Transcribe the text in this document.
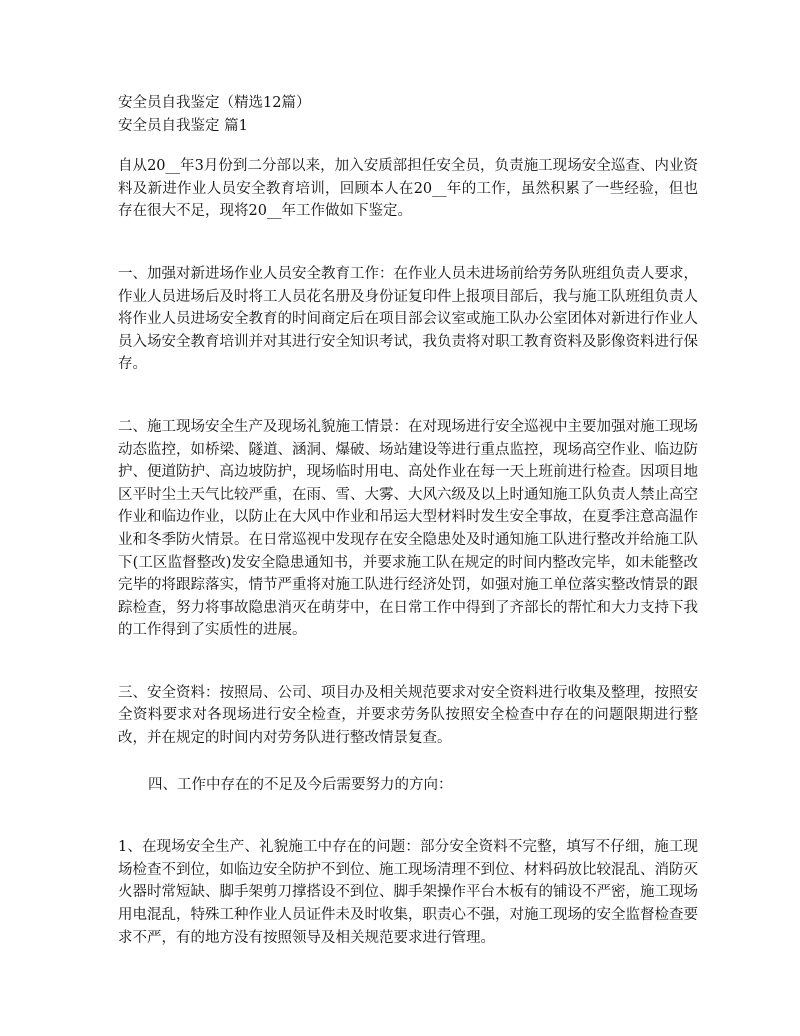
安全员自我鉴定（精选12篇）

安全员自我鉴定 篇1

自从20__年3月份到二分部以来，加入安质部担任安全员，负责施工现场安全巡查、内业资料及新进作业人员安全教育培训，回顾本人在20__年的工作，虽然积累了一些经验，但也存在很大不足，现将20__年工作做如下鉴定。

一、加强对新进场作业人员安全教育工作：在作业人员未进场前给劳务队班组负责人要求，作业人员进场后及时将工人员花名册及身份证复印件上报项目部后，我与施工队班组负责人将作业人员进场安全教育的时间商定后在项目部会议室或施工队办公室团体对新进行作业人员入场安全教育培训并对其进行安全知识考试，我负责将对职工教育资料及影像资料进行保存。

二、施工现场安全生产及现场礼貌施工情景：在对现场进行安全巡视中主要加强对施工现场动态监控，如桥梁、隧道、涵洞、爆破、场站建设等进行重点监控，现场高空作业、临边防护、便道防护、高边坡防护，现场临时用电、高处作业在每一天上班前进行检查。因项目地区平时尘土天气比较严重，在雨、雪、大雾、大风六级及以上时通知施工队负责人禁止高空作业和临边作业，以防止在大风中作业和吊运大型材料时发生安全事故，在夏季注意高温作业和冬季防火情景。在日常巡视中发现存在安全隐患处及时通知施工队进行整改并给施工队下(工区监督整改)发安全隐患通知书，并要求施工队在规定的时间内整改完毕，如未能整改完毕的将跟踪落实，情节严重将对施工队进行经济处罚，如强对施工单位落实整改情景的跟踪检查，努力将事故隐患消灭在萌芽中，在日常工作中得到了齐部长的帮忙和大力支持下我的工作得到了实质性的进展。

三、安全资料：按照局、公司、项目办及相关规范要求对安全资料进行收集及整理，按照安全资料要求对各现场进行安全检查，并要求劳务队按照安全检查中存在的问题限期进行整改，并在规定的时间内对劳务队进行整改情景复查。

四、工作中存在的不足及今后需要努力的方向：

1、在现场安全生产、礼貌施工中存在的问题：部分安全资料不完整，填写不仔细，施工现场检查不到位，如临边安全防护不到位、施工现场清理不到位、材料码放比较混乱、消防灭火器时常短缺、脚手架剪刀撑搭设不到位、脚手架操作平台木板有的铺设不严密，施工现场用电混乱，特殊工种作业人员证件未及时收集，职责心不强，对施工现场的安全监督检查要求不严，有的地方没有按照领导及相关规范要求进行管理。
